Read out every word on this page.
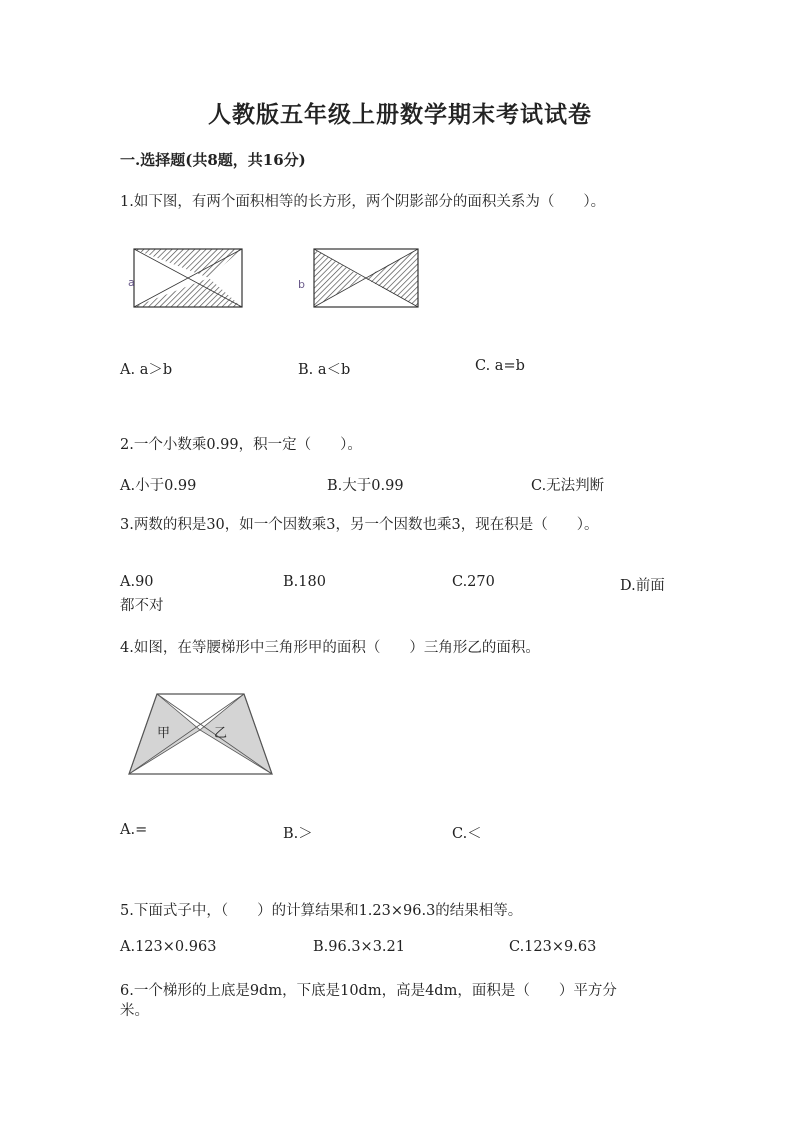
人教版五年级上册数学期末考试试卷
一.选择题(共8题，共16分)
1.如下图，有两个面积相等的长方形，两个阴影部分的面积关系为（　　）。
a	b
A. a＞b	B. a＜b	C. a=b
2.一个小数乘0.99，积一定（　　）。
A.小于0.99	B.大于0.99	C.无法判断
3.两数的积是30，如一个因数乘3，另一个因数也乘3，现在积是（　　）。
A.90	B.180	C.270	D.前面
都不对
4.如图，在等腰梯形中三角形甲的面积（　　）三角形乙的面积。
甲	乙
A.=	B.＞	C.＜
5.下面式子中，（　　）的计算结果和1.23×96.3的结果相等。
A.123×0.963	B.96.3×3.21	C.123×9.63
6.一个梯形的上底是9dm，下底是10dm，高是4dm，面积是（　　）平方分
米。
